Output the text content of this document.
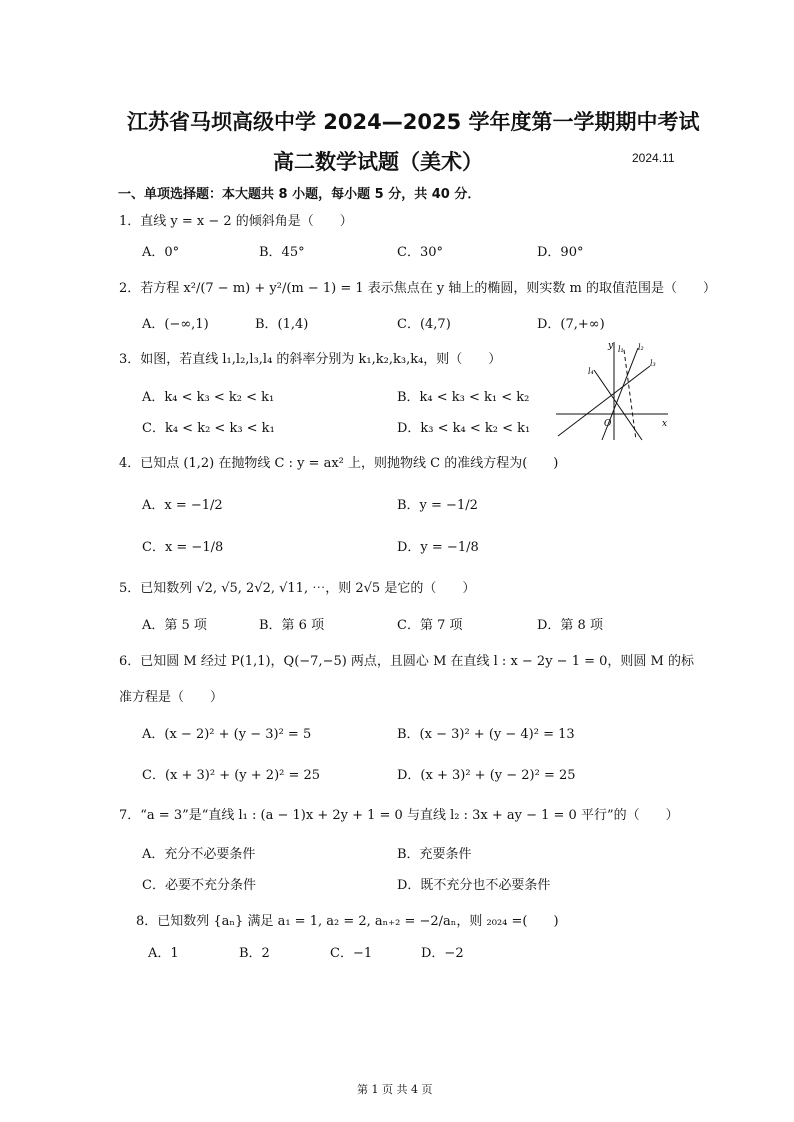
江苏省马坝高级中学 2024—2025 学年度第一学期期中考试
高二数学试题（美术）	2024.11
一、单项选择题：本大题共 8 小题，每小题 5 分，共 40 分．
1．直线 y = x − 2 的倾斜角是（　　）
A．0°	B．45°	C．30°	D．90°
2．若方程 x²/(7 − m) + y²/(m − 1) = 1 表示焦点在 y 轴上的椭圆，则实数 m 的取值范围是（　　）
A．(−∞,1)	B．(1,4)	C．(4,7)	D．(7,+∞)
3．如图，若直线 l₁,l₂,l₃,l₄ 的斜率分别为 k₁,k₂,k₃,k₄，则（　　）
A．k₄ < k₃ < k₂ < k₁	B．k₄ < k₃ < k₁ < k₂
C．k₄ < k₂ < k₃ < k₁	D．k₃ < k₄ < k₂ < k₁
y
x
O
l₁ l₂
l₃
l₄
4．已知点 (1,2) 在抛物线 C : y = ax² 上，则抛物线 C 的准线方程为(　　)
A．x = −1/2	B．y = −1/2
C．x = −1/8	D．y = −1/8
5．已知数列 √2, √5, 2√2, √11, ⋯，则 2√5 是它的（　　）
A．第 5 项	B．第 6 项	C．第 7 项	D．第 8 项
6．已知圆 M 经过 P(1,1)，Q(−7,−5) 两点，且圆心 M 在直线 l : x − 2y − 1 = 0，则圆 M 的标
准方程是（　　）
A．(x − 2)² + (y − 3)² = 5	B．(x − 3)² + (y − 4)² = 13
C．(x + 3)² + (y + 2)² = 25	D．(x + 3)² + (y − 2)² = 25
7．“a = 3”是“直线 l₁ : (a − 1)x + 2y + 1 = 0 与直线 l₂ : 3x + ay − 1 = 0 平行”的（　　）
A．充分不必要条件	B．充要条件
C．必要不充分条件	D．既不充分也不必要条件
8．已知数列 {aₙ} 满足 a₁ = 1, a₂ = 2, aₙ₊₂ = −2/aₙ，则 ₂₀₂₄ =(　　)
A．1	B．2	C．−1	D．−2
第 1 页 共 4 页
